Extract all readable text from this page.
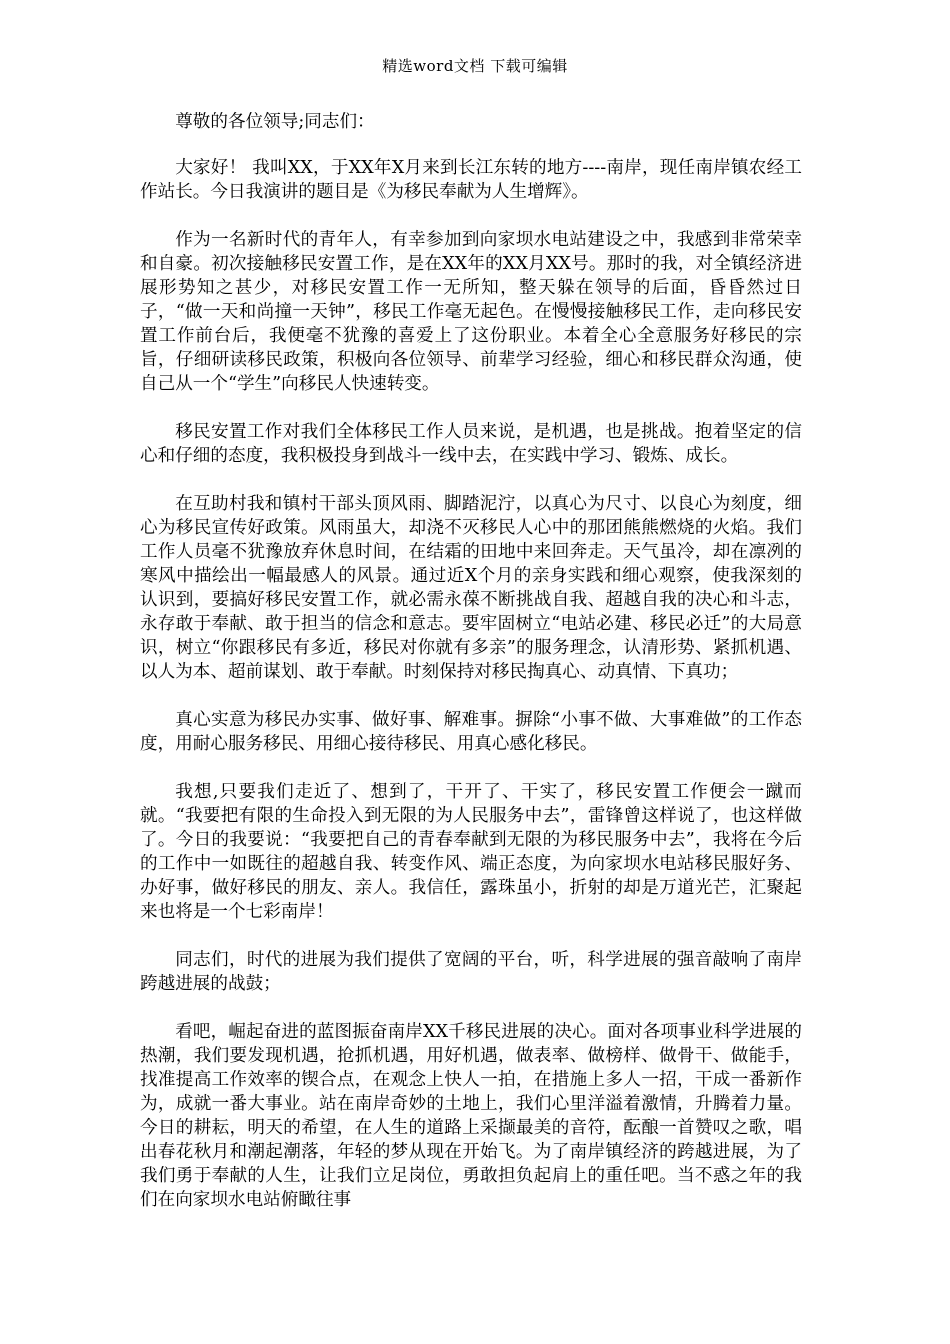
精选word文档 下载可编辑

尊敬的各位领导;同志们：

大家好！ 我叫XX，于XX年X月来到长江东转的地方----南岸，现任南岸镇农经工作站长。今日我演讲的题目是《为移民奉献为人生增辉》。

作为一名新时代的青年人，有幸参加到向家坝水电站建设之中，我感到非常荣幸和自豪。初次接触移民安置工作，是在XX年的XX月XX号。那时的我，对全镇经济进展形势知之甚少，对移民安置工作一无所知，整天躲在领导的后面，昏昏然过日子，“做一天和尚撞一天钟”，移民工作毫无起色。在慢慢接触移民工作，走向移民安置工作前台后，我便毫不犹豫的喜爱上了这份职业。本着全心全意服务好移民的宗旨，仔细研读移民政策，积极向各位领导、前辈学习经验，细心和移民群众沟通，使自己从一个“学生”向移民人快速转变。

移民安置工作对我们全体移民工作人员来说，是机遇，也是挑战。抱着坚定的信心和仔细的态度，我积极投身到战斗一线中去，在实践中学习、锻炼、成长。

在互助村我和镇村干部头顶风雨、脚踏泥泞，以真心为尺寸、以良心为刻度，细心为移民宣传好政策。风雨虽大，却浇不灭移民人心中的那团熊熊燃烧的火焰。我们工作人员毫不犹豫放弃休息时间，在结霜的田地中来回奔走。天气虽冷，却在凛冽的寒风中描绘出一幅最感人的风景。通过近X个月的亲身实践和细心观察，使我深刻的认识到，要搞好移民安置工作，就必需永葆不断挑战自我、超越自我的决心和斗志，永存敢于奉献、敢于担当的信念和意志。要牢固树立“电站必建、移民必迁”的大局意识，树立“你跟移民有多近，移民对你就有多亲”的服务理念，认清形势、紧抓机遇、以人为本、超前谋划、敢于奉献。时刻保持对移民掏真心、动真情、下真功；

真心实意为移民办实事、做好事、解难事。摒除“小事不做、大事难做”的工作态度，用耐心服务移民、用细心接待移民、用真心感化移民。

我想,只要我们走近了、想到了，干开了、干实了，移民安置工作便会一蹴而就。“我要把有限的生命投入到无限的为人民服务中去”，雷锋曾这样说了，也这样做了。今日的我要说：“我要把自己的青春奉献到无限的为移民服务中去”，我将在今后的工作中一如既往的超越自我、转变作风、端正态度，为向家坝水电站移民服好务、办好事，做好移民的朋友、亲人。我信任，露珠虽小，折射的却是万道光芒，汇聚起来也将是一个七彩南岸！

同志们，时代的进展为我们提供了宽阔的平台，听，科学进展的强音敲响了南岸跨越进展的战鼓；

看吧，崛起奋进的蓝图振奋南岸XX千移民进展的决心。面对各项事业科学进展的热潮，我们要发现机遇，抢抓机遇，用好机遇，做表率、做榜样、做骨干、做能手，找准提高工作效率的锲合点，在观念上快人一拍，在措施上多人一招，干成一番新作为，成就一番大事业。站在南岸奇妙的土地上，我们心里洋溢着激情，升腾着力量。今日的耕耘，明天的希望，在人生的道路上采撷最美的音符，酝酿一首赞叹之歌，唱出春花秋月和潮起潮落，年轻的梦从现在开始飞。为了南岸镇经济的跨越进展，为了我们勇于奉献的人生，让我们立足岗位，勇敢担负起肩上的重任吧。当不惑之年的我们在向家坝水电站俯瞰往事
